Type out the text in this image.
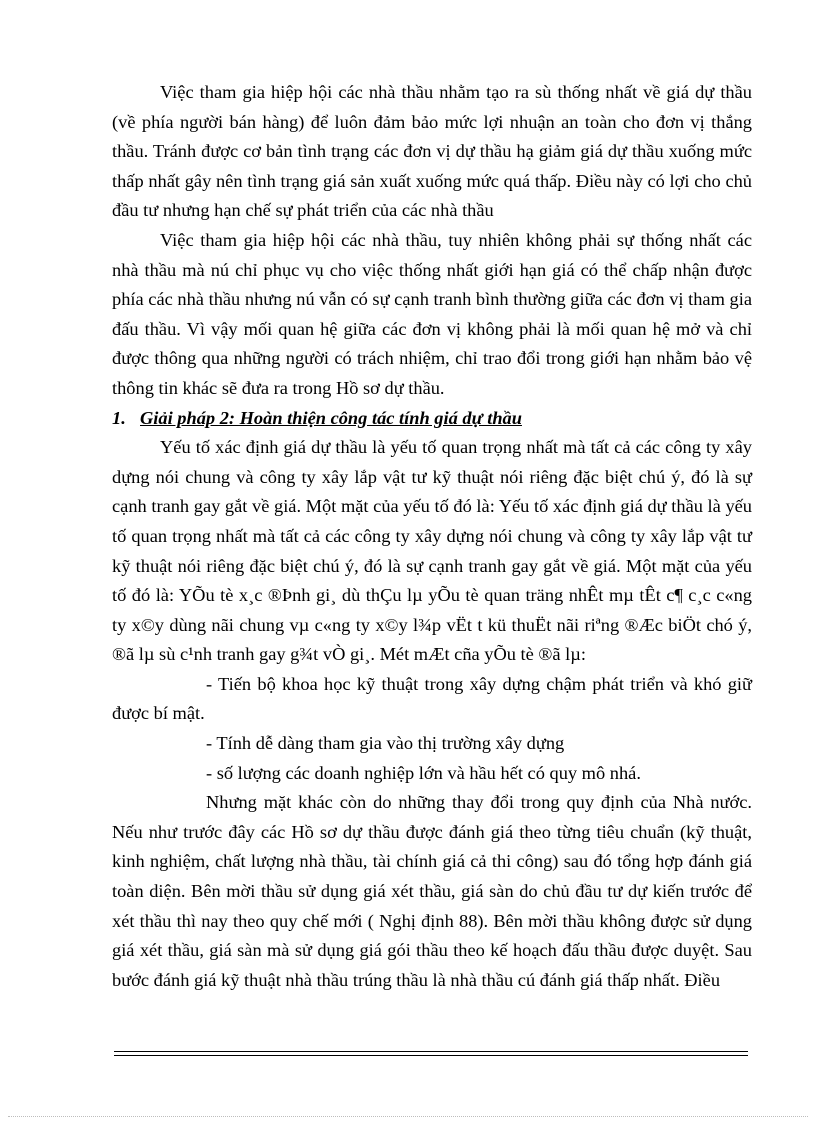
Việc tham gia hiệp hội các nhà thầu nhằm tạo ra sù thống nhất về giá dự thầu (về phía người bán hàng) để luôn đảm bảo mức lợi nhuận an toàn cho đơn vị thắng thầu. Tránh được cơ bản tình trạng các đơn vị dự thầu hạ giảm giá dự thầu xuống mức thấp nhất gây nên tình trạng giá sản xuất xuống mức quá thấp. Điều này có lợi cho chủ đầu tư nhưng hạn chế sự phát triển của các nhà thầu

Việc tham gia hiệp hội các nhà thầu, tuy nhiên không phải sự thống nhất các nhà thầu mà nú chỉ phục vụ cho việc thống nhất giới hạn giá có thể chấp nhận được phía các nhà thầu nhưng nú vẫn có sự cạnh tranh bình thường giữa các đơn vị tham gia đấu thầu. Vì vậy mối quan hệ giữa các đơn vị không phải là mối quan hệ mở và chỉ được thông qua những người có trách nhiệm, chỉ trao đổi trong giới hạn nhằm bảo vệ thông tin khác sẽ đưa ra trong Hồ sơ dự thầu.

1. Giải pháp 2: Hoàn thiện công tác tính giá dự thầu

Yếu tố xác định giá dự thầu là yếu tố quan trọng nhất mà tất cả các công ty xây dựng nói chung và công ty xây lắp vật tư kỹ thuật nói riêng đặc biệt chú ý, đó là sự cạnh tranh gay gắt về giá. Một mặt của yếu tố đó là: Yếu tố xác định giá dự thầu là yếu tố quan trọng nhất mà tất cả các công ty xây dựng nói chung và công ty xây lắp vật tư kỹ thuật nói riêng đặc biệt chú ý, đó là sự cạnh tranh gay gắt về giá. Một mặt của yếu tố đó là: YÕu tè x¸c ®Þnh gi¸ dù thÇu lµ yÕu tè quan träng nhÊt mµ tÊt c¶ c¸c c«ng ty x©y dùng nãi chung vµ c«ng ty x©y l¾p vËt t kü thuËt nãi riªng ®Æc biÖt chó ý, ®ã lµ sù c¹nh tranh gay g¾t vÒ gi¸. Mét mÆt cña yÕu tè ®ã lµ:

- Tiến bộ khoa học kỹ thuật trong xây dựng chậm phát triển và khó giữ được bí mật.

- Tính dễ dàng tham gia vào thị trường xây dựng

- số lượng các doanh nghiệp lớn và hầu hết có quy mô nhá.

Nhưng mặt khác còn do những thay đổi trong quy định của Nhà nước. Nếu như trước đây các Hồ sơ dự thầu được đánh giá theo từng tiêu chuẩn (kỹ thuật, kinh nghiệm, chất lượng nhà thầu, tài chính giá cả thi công) sau đó tổng hợp đánh giá toàn diện. Bên mời thầu sử dụng giá xét thầu, giá sàn do chủ đầu tư dự kiến trước để xét thầu thì nay theo quy chế mới ( Nghị định 88). Bên mời thầu không được sử dụng giá xét thầu, giá sàn mà sử dụng giá gói thầu theo kế hoạch đấu thầu được duyệt. Sau bước đánh giá kỹ thuật nhà thầu trúng thầu là nhà thầu cú đánh giá thấp nhất. Điều
